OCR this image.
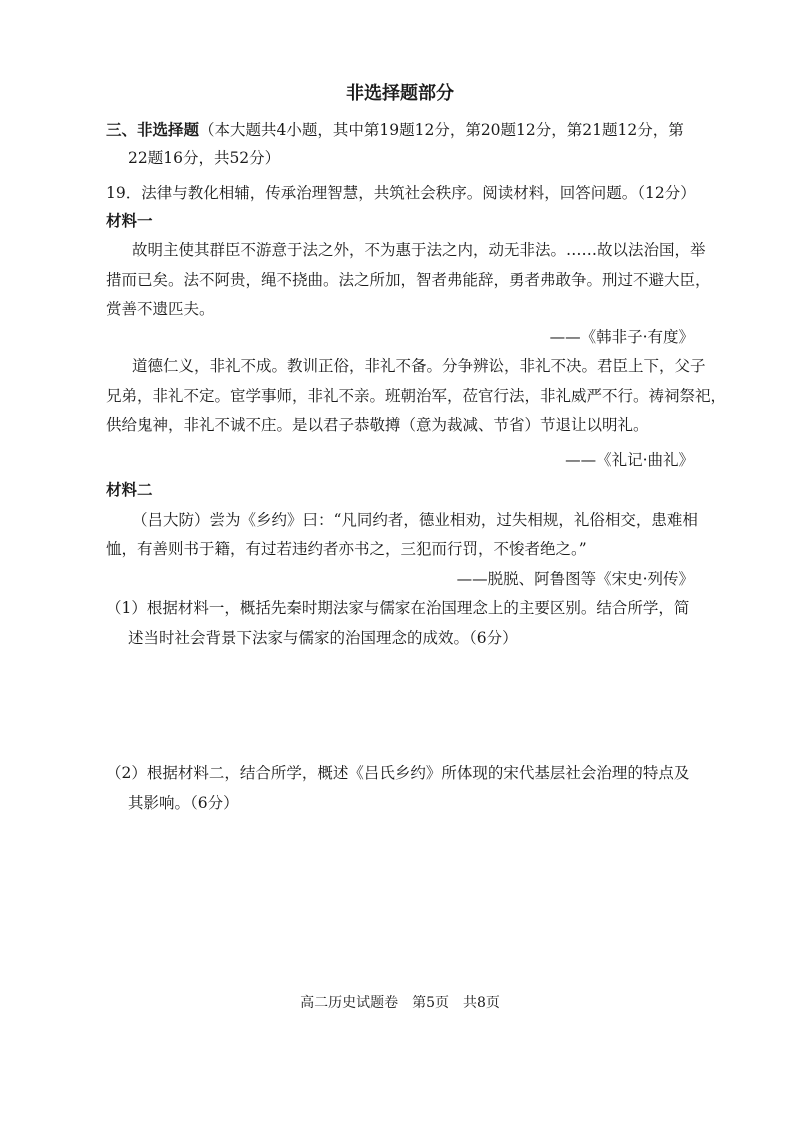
非选择题部分
三、非选择题（本大题共4小题，其中第19题12分，第20题12分，第21题12分，第
22题16分，共52分）
19．法律与教化相辅，传承治理智慧，共筑社会秩序。阅读材料，回答问题。（12分）
材料一
故明主使其群臣不游意于法之外，不为惠于法之内，动无非法。……故以法治国，举
措而已矣。法不阿贵，绳不挠曲。法之所加，智者弗能辞，勇者弗敢争。刑过不避大臣，
赏善不遗匹夫。
——《韩非子·有度》
道德仁义，非礼不成。教训正俗，非礼不备。分争辨讼，非礼不决。君臣上下，父子
兄弟，非礼不定。宦学事师，非礼不亲。班朝治军，莅官行法，非礼威严不行。祷祠祭祀，
供给鬼神，非礼不诚不庄。是以君子恭敬撙（意为裁减、节省）节退让以明礼。
——《礼记·曲礼》
材料二
（吕大防）尝为《乡约》曰：“凡同约者，德业相劝，过失相规，礼俗相交，患难相
恤，有善则书于籍，有过若违约者亦书之，三犯而行罚，不悛者绝之。”
——脱脱、阿鲁图等《宋史·列传》
（1）根据材料一，概括先秦时期法家与儒家在治国理念上的主要区别。结合所学，简
述当时社会背景下法家与儒家的治国理念的成效。（6分）
（2）根据材料二，结合所学，概述《吕氏乡约》所体现的宋代基层社会治理的特点及
其影响。（6分）
高二历史试题卷　第5页　共8页
